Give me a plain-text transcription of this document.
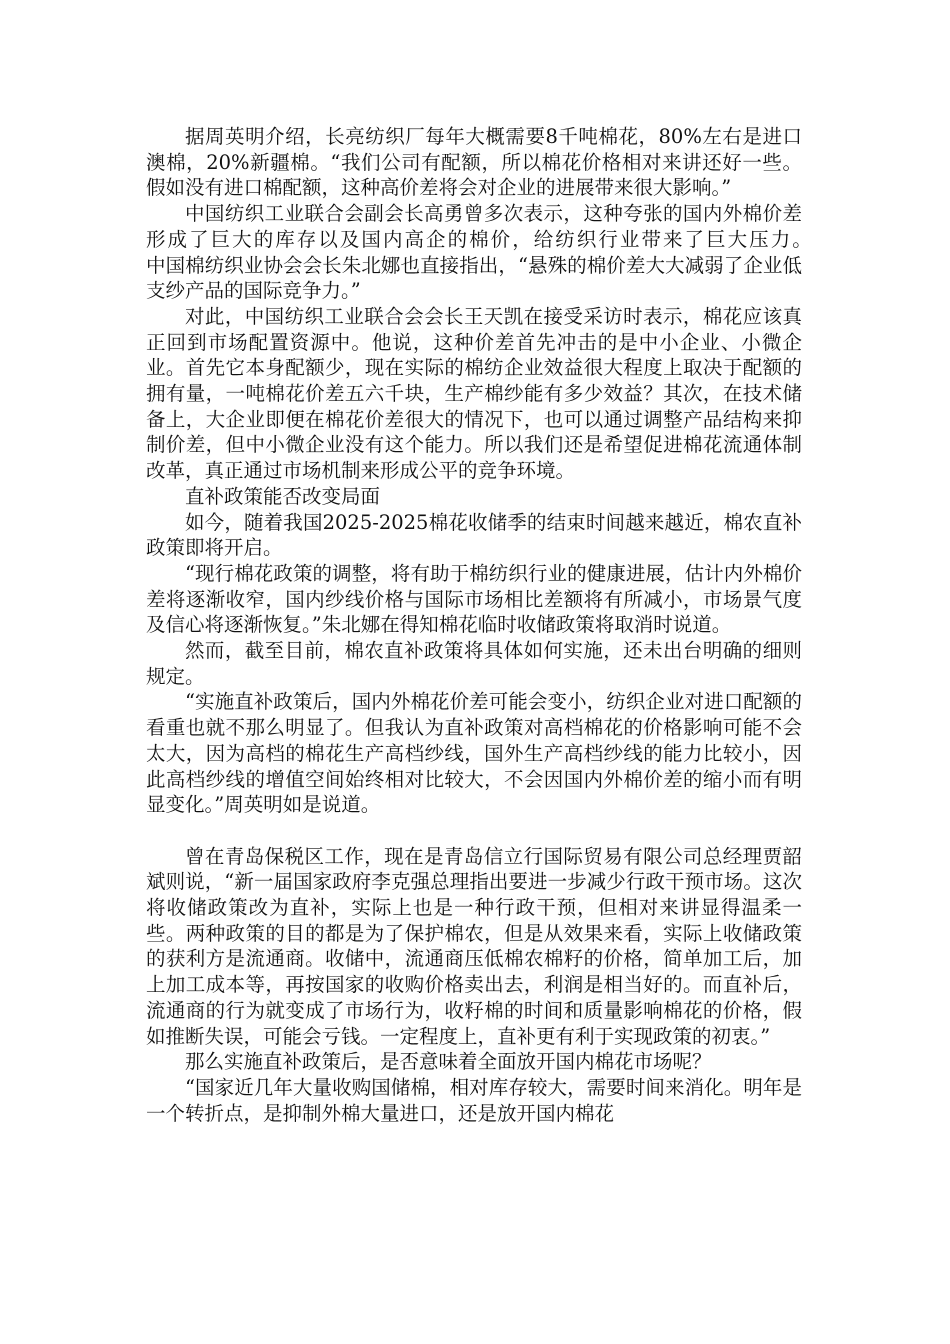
据周英明介绍，长亮纺织厂每年大概需要8千吨棉花，80%左右是进口澳棉，20%新疆棉。“我们公司有配额，所以棉花价格相对来讲还好一些。假如没有进口棉配额，这种高价差将会对企业的进展带来很大影响。”

中国纺织工业联合会副会长高勇曾多次表示，这种夸张的国内外棉价差形成了巨大的库存以及国内高企的棉价，给纺织行业带来了巨大压力。　　　中国棉纺织业协会会长朱北娜也直接指出，“悬殊的棉价差大大减弱了企业低支纱产品的国际竞争力。”

对此，中国纺织工业联合会会长王天凯在接受采访时表示，棉花应该真正回到市场配置资源中。他说，这种价差首先冲击的是中小企业、小微企业。首先它本身配额少，现在实际的棉纺企业效益很大程度上取决于配额的拥有量，一吨棉花价差五六千块，生产棉纱能有多少效益？其次，在技术储备上，大企业即便在棉花价差很大的情况下，也可以通过调整产品结构来抑制价差，但中小微企业没有这个能力。所以我们还是希望促进棉花流通体制改革，真正通过市场机制来形成公平的竞争环境。

直补政策能否改变局面

如今，随着我国2025-2025棉花收储季的结束时间越来越近，棉农直补政策即将开启。

“现行棉花政策的调整，将有助于棉纺织行业的健康进展，估计内外棉价差将逐渐收窄，国内纱线价格与国际市场相比差额将有所减小，市场景气度及信心将逐渐恢复。”朱北娜在得知棉花临时收储政策将取消时说道。

然而，截至目前，棉农直补政策将具体如何实施，还未出台明确的细则规定。

“实施直补政策后，国内外棉花价差可能会变小，纺织企业对进口配额的看重也就不那么明显了。但我认为直补政策对高档棉花的价格影响可能不会太大，因为高档的棉花生产高档纱线，国外生产高档纱线的能力比较小，因此高档纱线的增值空间始终相对比较大，不会因国内外棉价差的缩小而有明显变化。”周英明如是说道。

曾在青岛保税区工作，现在是青岛信立行国际贸易有限公司总经理贾韶斌则说，“新一届国家政府李克强总理指出要进一步减少行政干预市场。这次将收储政策改为直补，实际上也是一种行政干预，但相对来讲显得温柔一些。两种政策的目的都是为了保护棉农，但是从效果来看，实际上收储政策的获利方是流通商。收储中，流通商压低棉农棉籽的价格，简单加工后，加上加工成本等，再按国家的收购价格卖出去，利润是相当好的。而直补后，流通商的行为就变成了市场行为，收籽棉的时间和质量影响棉花的价格，假如推断失误，可能会亏钱。一定程度上，直补更有利于实现政策的初衷。”

那么实施直补政策后，是否意味着全面放开国内棉花市场呢？

“国家近几年大量收购国储棉，相对库存较大，需要时间来消化。明年是一个转折点，是抑制外棉大量进口，还是放开国内棉花
